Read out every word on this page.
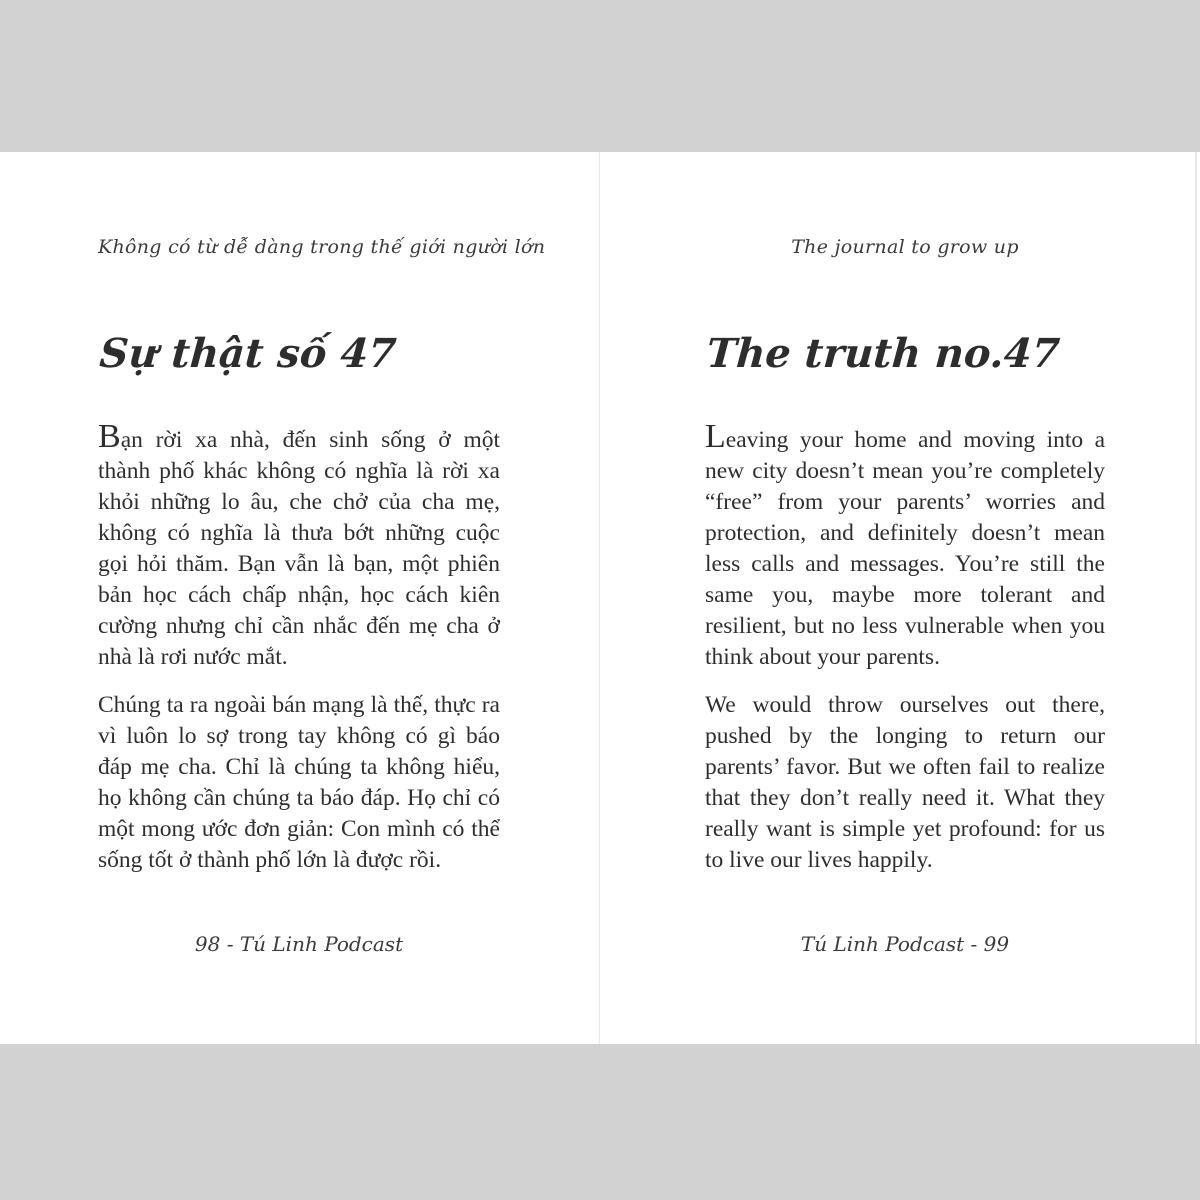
Không có từ dễ dàng trong thế giới người lớn
Sự thật số 47

Bạn rời xa nhà, đến sinh sống ở một thành phố khác không có nghĩa là rời xa khỏi những lo âu, che chở của cha mẹ, không có nghĩa là thưa bớt những cuộc gọi hỏi thăm. Bạn vẫn là bạn, một phiên bản học cách chấp nhận, học cách kiên cường nhưng chỉ cần nhắc đến mẹ cha ở nhà là rơi nước mắt.

Chúng ta ra ngoài bán mạng là thế, thực ra vì luôn lo sợ trong tay không có gì báo đáp mẹ cha. Chỉ là chúng ta không hiểu, họ không cần chúng ta báo đáp. Họ chỉ có một mong ước đơn giản: Con mình có thể sống tốt ở thành phố lớn là được rồi.

98 - Tú Linh Podcast
The journal to grow up
The truth no.47

Leaving your home and moving into a new city doesn’t mean you’re completely “free” from your parents’ worries and protection, and definitely doesn’t mean less calls and messages. You’re still the same you, maybe more tolerant and resilient, but no less vulnerable when you think about your parents.

We would throw ourselves out there, pushed by the longing to return our parents’ favor. But we often fail to realize that they don’t really need it. What they really want is simple yet profound: for us to live our lives happily.

Tú Linh Podcast - 99
